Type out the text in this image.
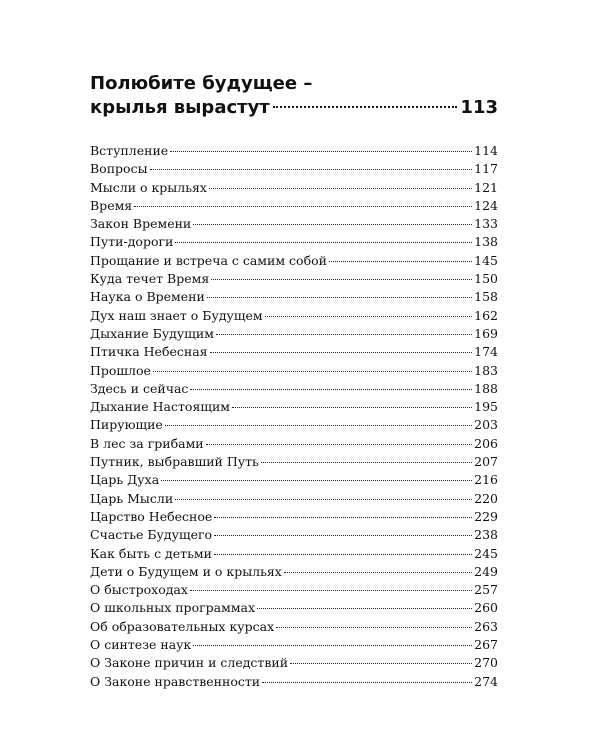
Полюбите будущее –
крылья вырастут	113
Вступление	114
Вопросы	117
Мысли о крыльях	121
Время	124
Закон Времени	133
Пути-дороги	138
Прощание и встреча с самим собой	145
Куда течет Время	150
Наука о Времени	158
Дух наш знает о Будущем	162
Дыхание Будущим	169
Птичка Небесная	174
Прошлое	183
Здесь и сейчас	188
Дыхание Настоящим	195
Пирующие	203
В лес за грибами	206
Путник, выбравший Путь	207
Царь Духа	216
Царь Мысли	220
Царство Небесное	229
Счастье Будущего	238
Как быть с детьми	245
Дети о Будущем и о крыльях	249
О быстроходах	257
О школьных программах	260
Об образовательных курсах	263
О синтезе наук	267
О Законе причин и следствий	270
О Законе нравственности	274
